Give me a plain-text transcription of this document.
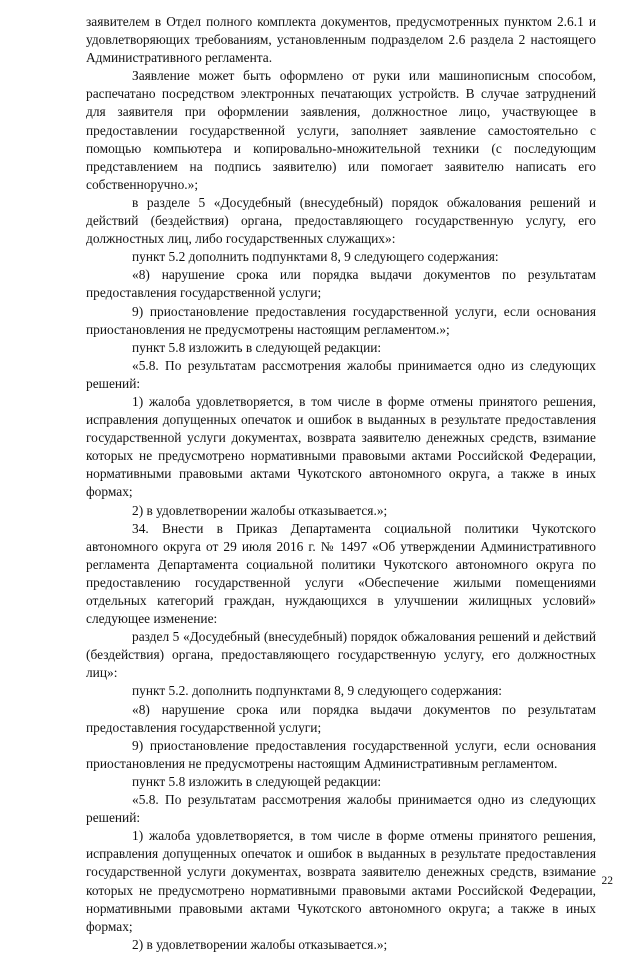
заявителем в Отдел полного комплекта документов, предусмотренных пунктом 2.6.1 и удовлетворяющих требованиям, установленным подразделом 2.6 раздела 2 настоящего Административного регламента.

Заявление может быть оформлено от руки или машинописным способом, распечатано посредством электронных печатающих устройств. В случае затруднений для заявителя при оформлении заявления, должностное лицо, участвующее в предоставлении государственной услуги, заполняет заявление самостоятельно с помощью компьютера и копировально-множительной техники (с последующим представлением на подпись заявителю) или помогает заявителю написать его собственноручно.»;

в разделе 5 «Досудебный (внесудебный) порядок обжалования решений и действий (бездействия) органа, предоставляющего государственную услугу, его должностных лиц, либо государственных служащих»:

пункт 5.2 дополнить подпунктами 8, 9 следующего содержания:

«8) нарушение срока или порядка выдачи документов по результатам предоставления государственной услуги;

9) приостановление предоставления государственной услуги, если основания приостановления не предусмотрены настоящим регламентом.»;

пункт 5.8 изложить в следующей редакции:

«5.8. По результатам рассмотрения жалобы принимается одно из следующих решений:

1) жалоба удовлетворяется, в том числе в форме отмены принятого решения, исправления допущенных опечаток и ошибок в выданных в результате предоставления государственной услуги документах, возврата заявителю денежных средств, взимание которых не предусмотрено нормативными правовыми актами Российской Федерации, нормативными правовыми актами Чукотского автономного округа, а также в иных формах;

2) в удовлетворении жалобы отказывается.»;

34. Внести в Приказ Департамента социальной политики Чукотского автономного округа от 29 июля 2016 г. № 1497 «Об утверждении Административного регламента Департамента социальной политики Чукотского автономного округа по предоставлению государственной услуги «Обеспечение жилыми помещениями отдельных категорий граждан, нуждающихся в улучшении жилищных условий» следующее изменение:

раздел 5 «Досудебный (внесудебный) порядок обжалования решений и действий (бездействия) органа, предоставляющего государственную услугу, его должностных лиц»:

пункт 5.2. дополнить подпунктами 8, 9 следующего содержания:

«8) нарушение срока или порядка выдачи документов по результатам предоставления государственной услуги;

9) приостановление предоставления государственной услуги, если основания приостановления не предусмотрены настоящим Административным регламентом.

пункт 5.8 изложить в следующей редакции:

«5.8. По результатам рассмотрения жалобы принимается одно из следующих решений:

1) жалоба удовлетворяется, в том числе в форме отмены принятого решения, исправления допущенных опечаток и ошибок в выданных в результате предоставления государственной услуги документах, возврата заявителю денежных средств, взимание которых не предусмотрено нормативными правовыми актами Российской Федерации, нормативными правовыми актами Чукотского автономного округа; а также в иных формах;

2) в удовлетворении жалобы отказывается.»;

22
